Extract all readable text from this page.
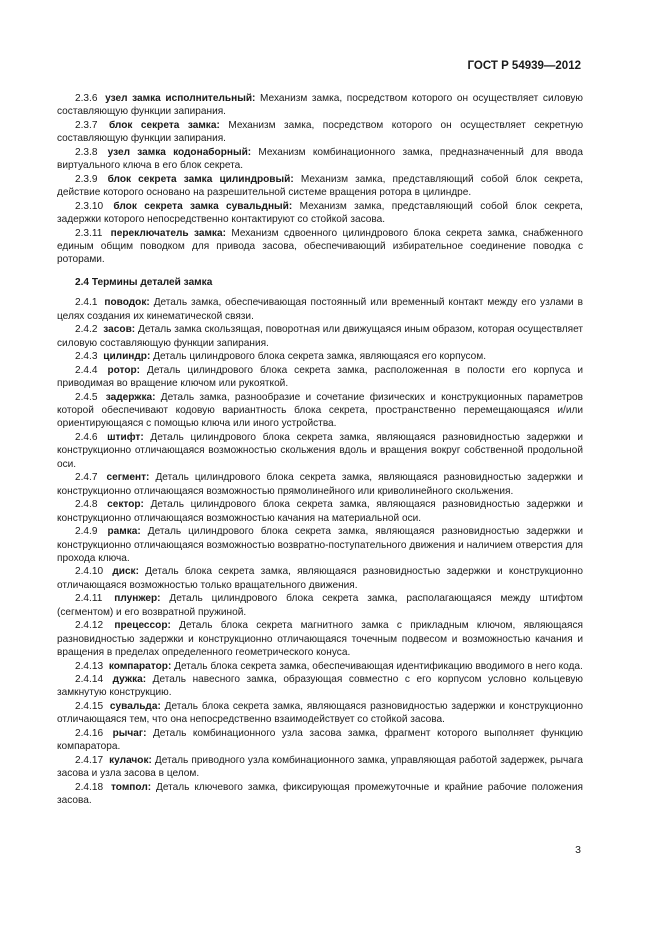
ГОСТ Р 54939—2012

2.3.6 узел замка исполнительный: Механизм замка, посредством которого он осуществляет силовую составляющую функции запирания.

2.3.7 блок секрета замка: Механизм замка, посредством которого он осуществляет секретную составляющую функции запирания.

2.3.8 узел замка кодонаборный: Механизм комбинационного замка, предназначенный для ввода виртуального ключа в его блок секрета.

2.3.9 блок секрета замка цилиндровый: Механизм замка, представляющий собой блок секрета, действие которого основано на разрешительной системе вращения ротора в цилиндре.

2.3.10 блок секрета замка сувальдный: Механизм замка, представляющий собой блок секрета, задержки которого непосредственно контактируют со стойкой засова.

2.3.11 переключатель замка: Механизм сдвоенного цилиндрового блока секрета замка, снабженного единым общим поводком для привода засова, обеспечивающий избирательное соединение поводка с роторами.

2.4 Термины деталей замка

2.4.1 поводок: Деталь замка, обеспечивающая постоянный или временный контакт между его узлами в целях создания их кинематической связи.

2.4.2 засов: Деталь замка скользящая, поворотная или движущаяся иным образом, которая осуществляет силовую составляющую функции запирания.

2.4.3 цилиндр: Деталь цилиндрового блока секрета замка, являющаяся его корпусом.

2.4.4 ротор: Деталь цилиндрового блока секрета замка, расположенная в полости его корпуса и приводимая во вращение ключом или рукояткой.

2.4.5 задержка: Деталь замка, разнообразие и сочетание физических и конструкционных параметров которой обеспечивают кодовую вариантность блока секрета, пространственно перемещающаяся и/или ориентирующаяся с помощью ключа или иного устройства.

2.4.6 штифт: Деталь цилиндрового блока секрета замка, являющаяся разновидностью задержки и конструкционно отличающаяся возможностью скольжения вдоль и вращения вокруг собственной продольной оси.

2.4.7 сегмент: Деталь цилиндрового блока секрета замка, являющаяся разновидностью задержки и конструкционно отличающаяся возможностью прямолинейного или криволинейного скольжения.

2.4.8 сектор: Деталь цилиндрового блока секрета замка, являющаяся разновидностью задержки и конструкционно отличающаяся возможностью качания на материальной оси.

2.4.9 рамка: Деталь цилиндрового блока секрета замка, являющаяся разновидностью задержки и конструкционно отличающаяся возможностью возвратно-поступательного движения и наличием отверстия для прохода ключа.

2.4.10 диск: Деталь блока секрета замка, являющаяся разновидностью задержки и конструкционно отличающаяся возможностью только вращательного движения.

2.4.11 плунжер: Деталь цилиндрового блока секрета замка, располагающаяся между штифтом (сегментом) и его возвратной пружиной.

2.4.12 прецессор: Деталь блока секрета магнитного замка с прикладным ключом, являющаяся разновидностью задержки и конструкционно отличающаяся точечным подвесом и возможностью качания и вращения в пределах определенного геометрического конуса.

2.4.13 компаратор: Деталь блока секрета замка, обеспечивающая идентификацию вводимого в него кода.

2.4.14 дужка: Деталь навесного замка, образующая совместно с его корпусом условно кольцевую замкнутую конструкцию.

2.4.15 сувальда: Деталь блока секрета замка, являющаяся разновидностью задержки и конструкционно отличающаяся тем, что она непосредственно взаимодействует со стойкой засова.

2.4.16 рычаг: Деталь комбинационного узла засова замка, фрагмент которого выполняет функцию компаратора.

2.4.17 кулачок: Деталь приводного узла комбинационного замка, управляющая работой задержек, рычага засова и узла засова в целом.

2.4.18 томпол: Деталь ключевого замка, фиксирующая промежуточные и крайние рабочие положения засова.

3
